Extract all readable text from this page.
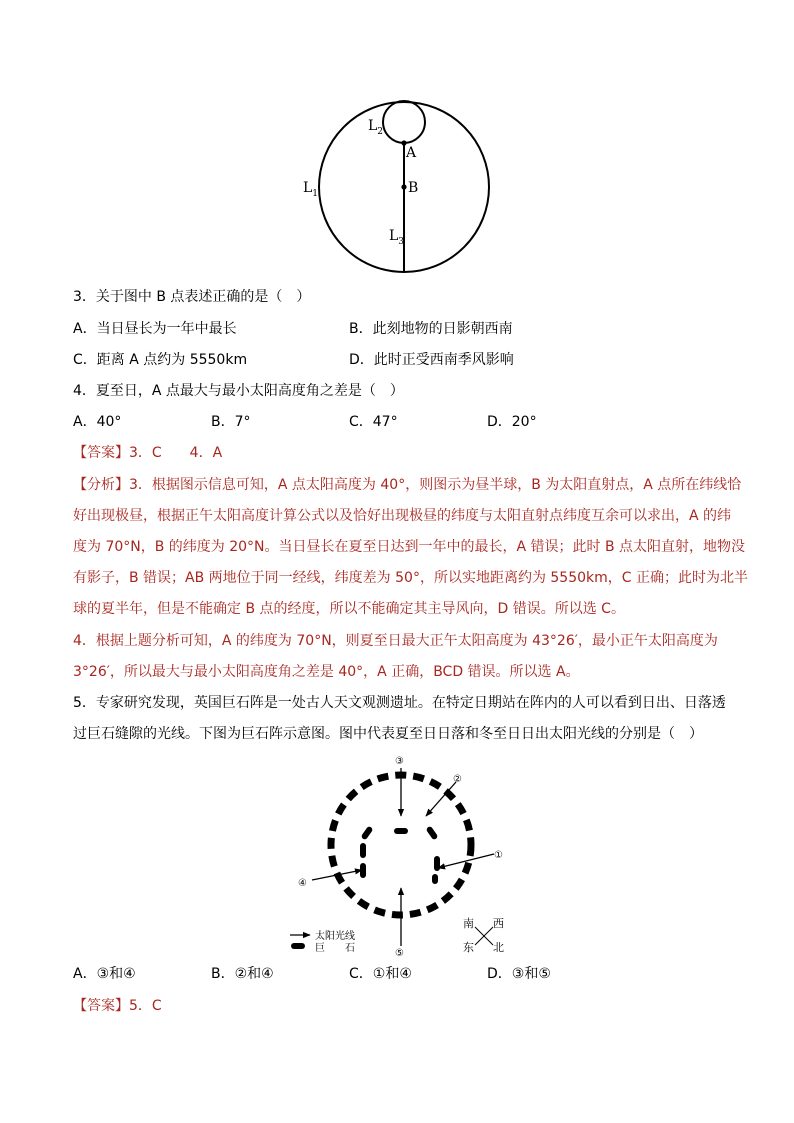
$L_2$
A
B
$L_1$
$L_3$
3．关于图中 B 点表述正确的是（　）
A．当日昼长为一年中最长	B．此刻地物的日影朝西南
C．距离 A 点约为 5550km	D．此时正受西南季风影响
4．夏至日，A 点最大与最小太阳高度角之差是（　）
A．40°	B．7°	C．47°	D．20°
【答案】3．C　　4．A
【分析】3．根据图示信息可知，A 点太阳高度为 40°，则图示为昼半球，B 为太阳直射点，A 点所在纬线恰
好出现极昼，根据正午太阳高度计算公式以及恰好出现极昼的纬度与太阳直射点纬度互余可以求出，A 的纬
度为 70°N，B 的纬度为 20°N。当日昼长在夏至日达到一年中的最长，A 错误；此时 B 点太阳直射，地物没
有影子，B 错误；AB 两地位于同一经线，纬度差为 50°，所以实地距离约为 5550km，C 正确；此时为北半
球的夏半年，但是不能确定 B 点的经度，所以不能确定其主导风向，D 错误。所以选 C。
4．根据上题分析可知，A 的纬度为 70°N，则夏至日最大正午太阳高度为 43°26′，最小正午太阳高度为
3°26′，所以最大与最小太阳高度角之差是 40°，A 正确，BCD 错误。所以选 A。
5．专家研究发现，英国巨石阵是一处古人天文观测遗址。在特定日期站在阵内的人可以看到日出、日落透
过巨石缝隙的光线。下图为巨石阵示意图。图中代表夏至日日落和冬至日日出太阳光线的分别是（　）
③
②
①
④
⑤
太阳光线
巨　　石
南 西
东 北
A．③和④	B．②和④	C．①和④	D．③和⑤
【答案】5．C
